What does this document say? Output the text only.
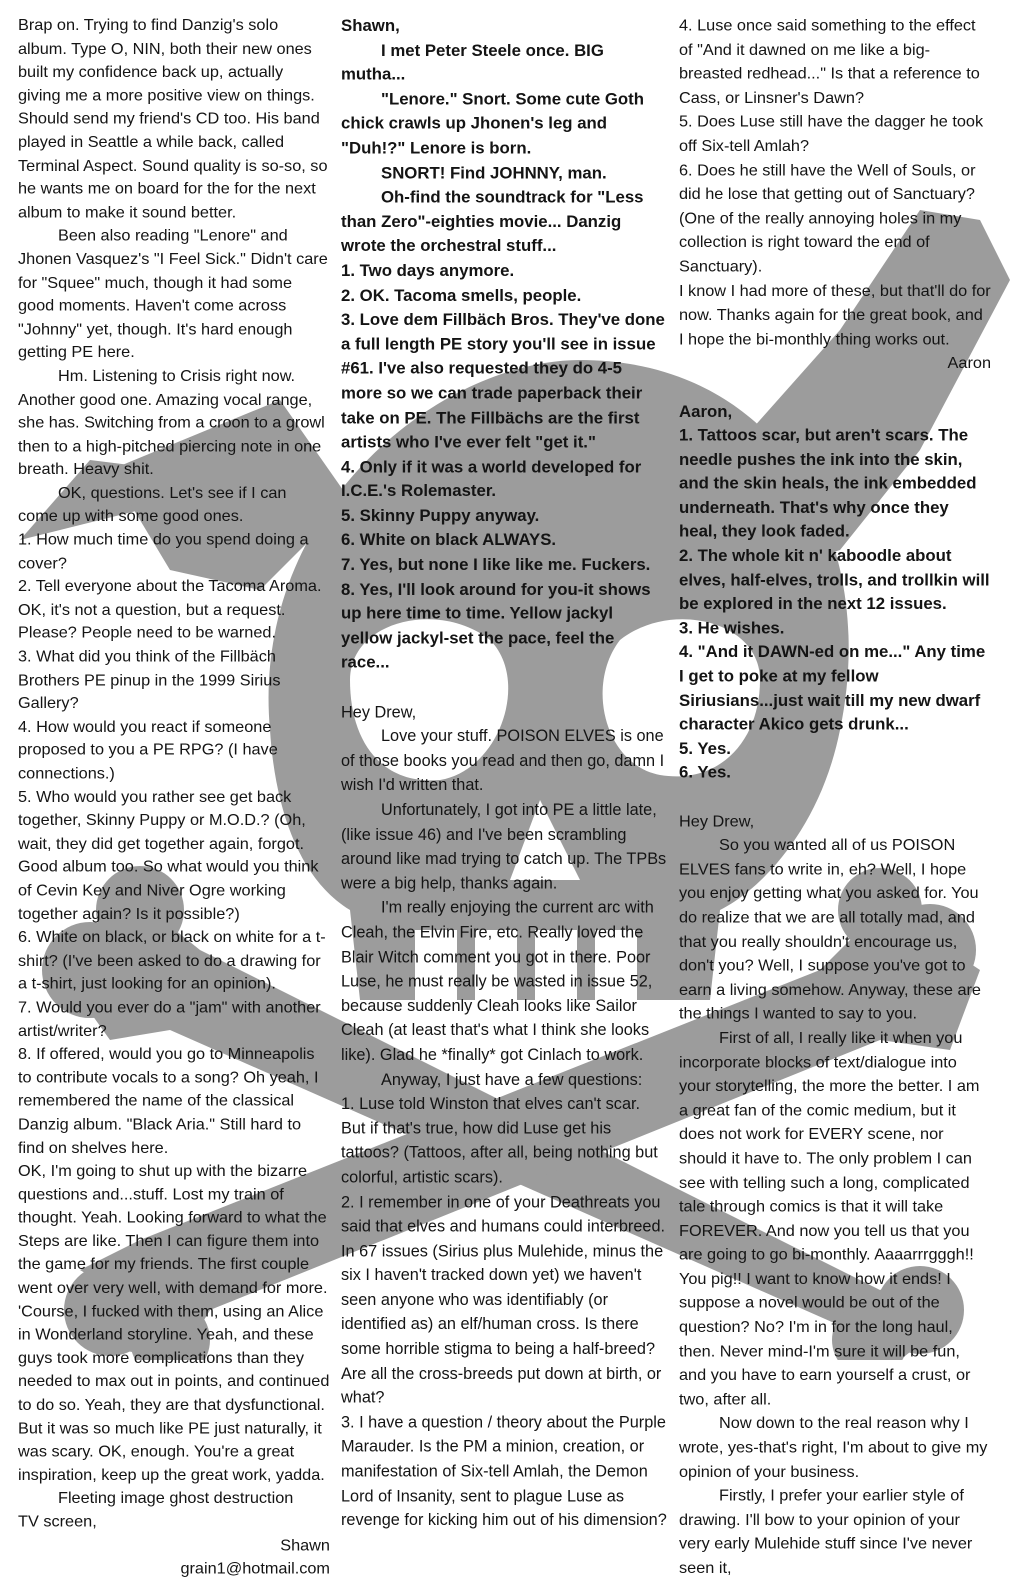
Brap on. Trying to find Danzig's solo album. Type O, NIN, both their new ones built my confidence back up, actually giving me a more positive view on things. Should send my friend's CD too. His band played in Seattle a while back, called Terminal Aspect. Sound quality is so-so, so he wants me on board for the for the next album to make it sound better.

Been also reading "Lenore" and Jhonen Vasquez's "I Feel Sick." Didn't care for "Squee" much, though it had some good moments. Haven't come across "Johnny" yet, though. It's hard enough getting PE here.

Hm. Listening to Crisis right now. Another good one. Amazing vocal range, she has. Switching from a croon to a growl then to a high-pitched piercing note in one breath. Heavy shit.

OK, questions. Let's see if I can come up with some good ones.

1. How much time do you spend doing a cover?

2. Tell everyone about the Tacoma Aroma. OK, it's not a question, but a request. Please? People need to be warned.

3. What did you think of the Fillbäch Brothers PE pinup in the 1999 Sirius Gallery?

4. How would you react if someone proposed to you a PE RPG? (I have connections.)

5. Who would you rather see get back together, Skinny Puppy or M.O.D.? (Oh, wait, they did get together again, forgot. Good album too. So what would you think of Cevin Key and Niver Ogre working together again? Is it possible?)

6. White on black, or black on white for a t-shirt? (I've been asked to do a drawing for a t-shirt, just looking for an opinion).

7. Would you ever do a "jam" with another artist/writer?

8. If offered, would you go to Minneapolis to contribute vocals to a song? Oh yeah, I remembered the name of the classical Danzig album. "Black Aria." Still hard to find on shelves here.

OK, I'm going to shut up with the bizarre questions and...stuff. Lost my train of thought. Yeah. Looking forward to what the Steps are like. Then I can figure them into the game for my friends. The first couple went over very well, with demand for more. 'Course, I fucked with them, using an Alice in Wonderland storyline. Yeah, and these guys took more complications than they needed to max out in points, and continued to do so. Yeah, they are that dysfunctional. But it was so much like PE just naturally, it was scary. OK, enough. You're a great inspiration, keep up the great work, yadda.

Fleeting image ghost destruction

TV screen,

Shawn

grain1@hotmail.com

Shawn,

I met Peter Steele once. BIG mutha...

"Lenore." Snort. Some cute Goth chick crawls up Jhonen's leg and "Duh!?" Lenore is born.

SNORT! Find JOHNNY, man.

Oh-find the soundtrack for "Less than Zero"-eighties movie... Danzig wrote the orchestral stuff...

1. Two days anymore.

2. OK. Tacoma smells, people.

3. Love dem Fillbäch Bros. They've done a full length PE story you'll see in issue #61. I've also requested they do 4-5 more so we can trade paperback their take on PE. The Fillbächs are the first artists who I've ever felt "get it."

4. Only if it was a world developed for I.C.E.'s Rolemaster.

5. Skinny Puppy anyway.

6. White on black ALWAYS.

7. Yes, but none I like like me. Fuckers.

8. Yes, I'll look around for you-it shows up here time to time. Yellow jackyl yellow jackyl-set the pace, feel the race...

Hey Drew,

Love your stuff. POISON ELVES is one of those books you read and then go, damn I wish I'd written that.

Unfortunately, I got into PE a little late, (like issue 46) and I've been scrambling around like mad trying to catch up. The TPBs were a big help, thanks again.

I'm really enjoying the current arc with Cleah, the Elvin Fire, etc. Really loved the Blair Witch comment you got in there. Poor Luse, he must really be wasted in issue 52, because suddenly Cleah looks like Sailor Cleah (at least that's what I think she looks like). Glad he *finally* got Cinlach to work.

Anyway, I just have a few questions:

1. Luse told Winston that elves can't scar. But if that's true, how did Luse get his tattoos? (Tattoos, after all, being nothing but colorful, artistic scars).

2. I remember in one of your Deathreats you said that elves and humans could interbreed. In 67 issues (Sirius plus Mulehide, minus the six I haven't tracked down yet) we haven't seen anyone who was identifiably (or identified as) an elf/human cross. Is there some horrible stigma to being a half-breed? Are all the cross-breeds put down at birth, or what?

3. I have a question / theory about the Purple Marauder. Is the PM a minion, creation, or manifestation of Six-tell Amlah, the Demon Lord of Insanity, sent to plague Luse as revenge for kicking him out of his dimension?

4. Luse once said something to the effect of "And it dawned on me like a big-breasted redhead..." Is that a reference to Cass, or Linsner's Dawn?

5. Does Luse still have the dagger he took off Six-tell Amlah?

6. Does he still have the Well of Souls, or did he lose that getting out of Sanctuary? (One of the really annoying holes in my collection is right toward the end of Sanctuary).

I know I had more of these, but that'll do for now. Thanks again for the great book, and I hope the bi-monthly thing works out.

Aaron

Aaron,

1. Tattoos scar, but aren't scars. The needle pushes the ink into the skin, and the skin heals, the ink embedded underneath. That's why once they heal, they look faded.

2. The whole kit n' kaboodle about elves, half-elves, trolls, and trollkin will be explored in the next 12 issues.

3. He wishes.

4. "And it DAWN-ed on me..." Any time I get to poke at my fellow Siriusians...just wait till my new dwarf character Akico gets drunk...

5. Yes.

6. Yes.

Hey Drew,

So you wanted all of us POISON ELVES fans to write in, eh? Well, I hope you enjoy getting what you asked for. You do realize that we are all totally mad, and that you really shouldn't encourage us, don't you? Well, I suppose you've got to earn a living somehow. Anyway, these are the things I wanted to say to you.

First of all, I really like it when you incorporate blocks of text/dialogue into your storytelling, the more the better. I am a great fan of the comic medium, but it does not work for EVERY scene, nor should it have to. The only problem I can see with telling such a long, complicated tale through comics is that it will take FOREVER. And now you tell us that you are going to go bi-monthly. Aaaarrrgggh!! You pig!! I want to know how it ends! I suppose a novel would be out of the question? No? I'm in for the long haul, then. Never mind-I'm sure it will be fun, and you have to earn yourself a crust, or two, after all.

Now down to the real reason why I wrote, yes-that's right, I'm about to give my opinion of your business.

Firstly, I prefer your earlier style of drawing. I'll bow to your opinion of your very early Mulehide stuff since I've never seen it,
